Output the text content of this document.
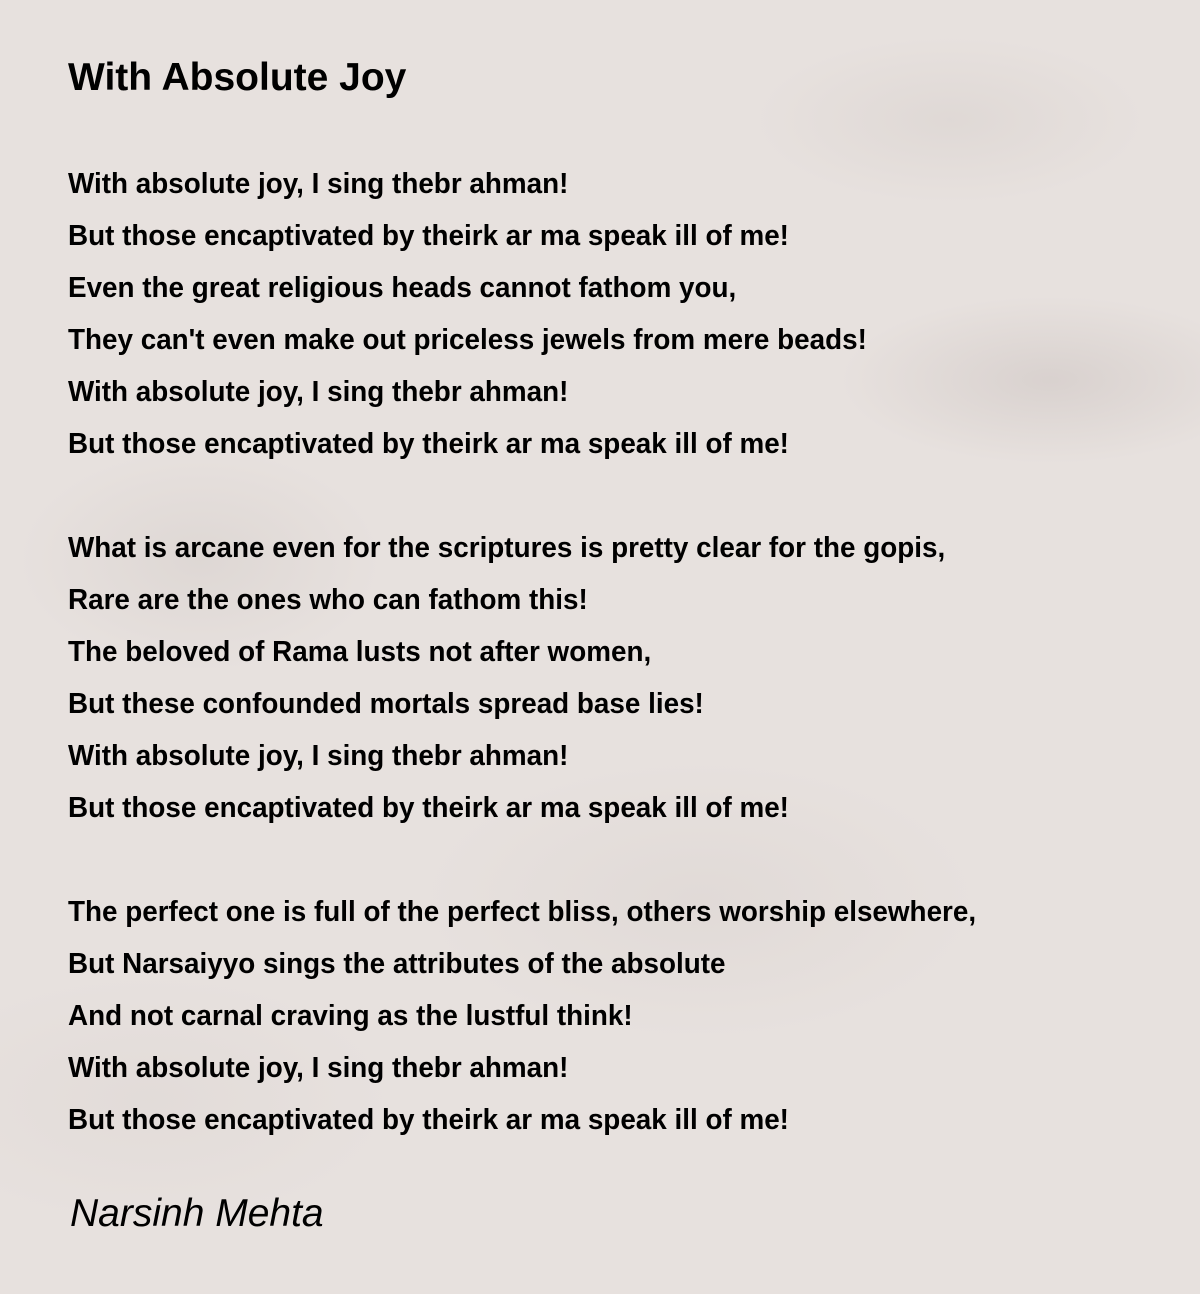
With Absolute Joy
With absolute joy, I sing thebr ahman!
But those encaptivated by theirk ar ma speak ill of me!
Even the great religious heads cannot fathom you,
They can't even make out priceless jewels from mere beads!
With absolute joy, I sing thebr ahman!
But those encaptivated by theirk ar ma speak ill of me!
What is arcane even for the scriptures is pretty clear for the gopis,
Rare are the ones who can fathom this!
The beloved of Rama lusts not after women,
But these confounded mortals spread base lies!
With absolute joy, I sing thebr ahman!
But those encaptivated by theirk ar ma speak ill of me!
The perfect one is full of the perfect bliss, others worship elsewhere,
But Narsaiyyo sings the attributes of the absolute
And not carnal craving as the lustful think!
With absolute joy, I sing thebr ahman!
But those encaptivated by theirk ar ma speak ill of me!

Narsinh Mehta
